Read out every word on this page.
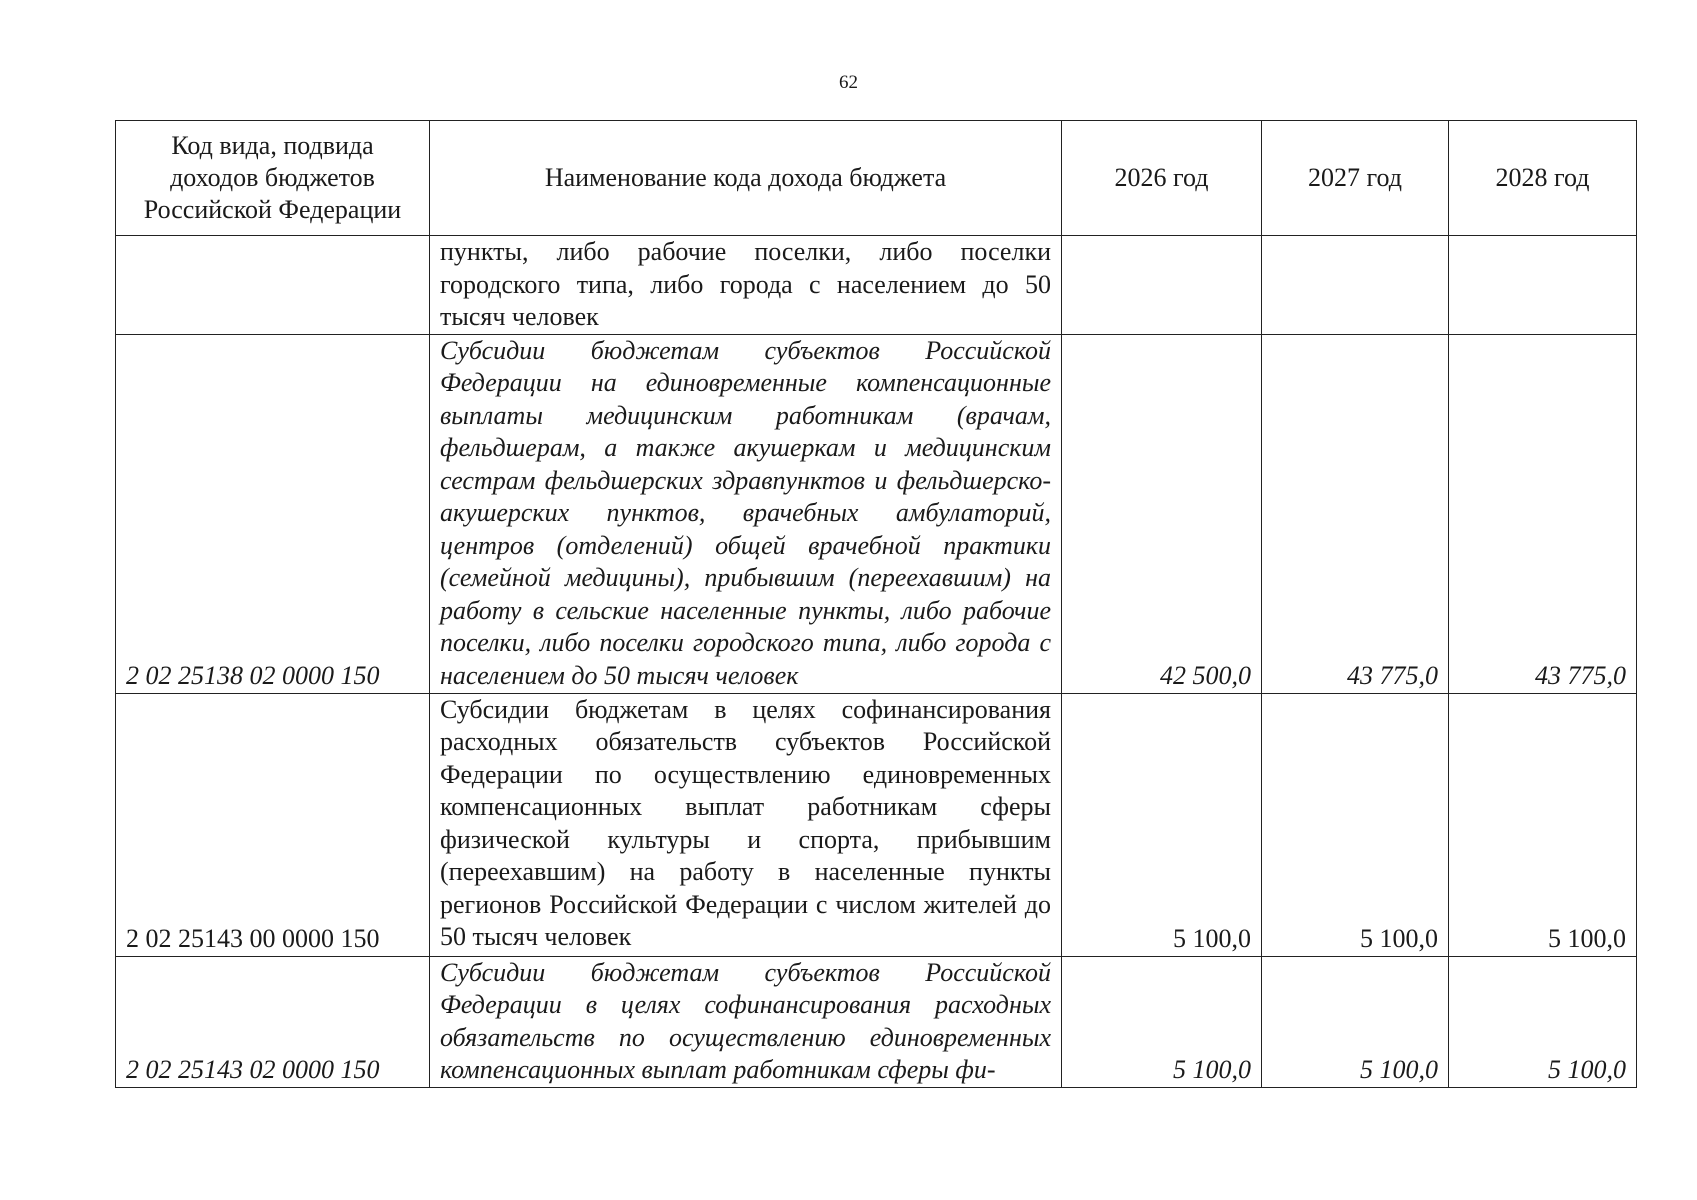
62
Код вида, подвида доходов бюджетов Российской Федерации	Наименование кода дохода бюджета	2026 год	2027 год	2028 год
	пункты, либо рабочие поселки, либо поселки городского типа, либо города с населением до 50 тысяч человек			
2 02 25138 02 0000 150	Субсидии бюджетам субъектов Российской Федерации на единовременные компенсационные выплаты медицинским работникам (врачам, фельдшерам, а также акушеркам и медицинским сестрам фельдшерских здравпунктов и фельдшерско-акушерских пунктов, врачебных амбулаторий, центров (отделений) общей врачебной практики (семейной медицины), прибывшим (переехавшим) на работу в сельские населенные пункты, либо рабочие поселки, либо поселки городского типа, либо города с населением до 50 тысяч человек	42 500,0	43 775,0	43 775,0
2 02 25143 00 0000 150	Субсидии бюджетам в целях софинансирования расходных обязательств субъектов Российской Федерации по осуществлению единовременных компенсационных выплат работникам сферы физической культуры и спорта, прибывшим (переехавшим) на работу в населенные пункты регионов Российской Федерации с числом жителей до 50 тысяч человек	5 100,0	5 100,0	5 100,0
2 02 25143 02 0000 150	Субсидии бюджетам субъектов Российской Федерации в целях софинансирования расходных обязательств по осуществлению единовременных компенсационных выплат работникам сферы фи-	5 100,0	5 100,0	5 100,0
